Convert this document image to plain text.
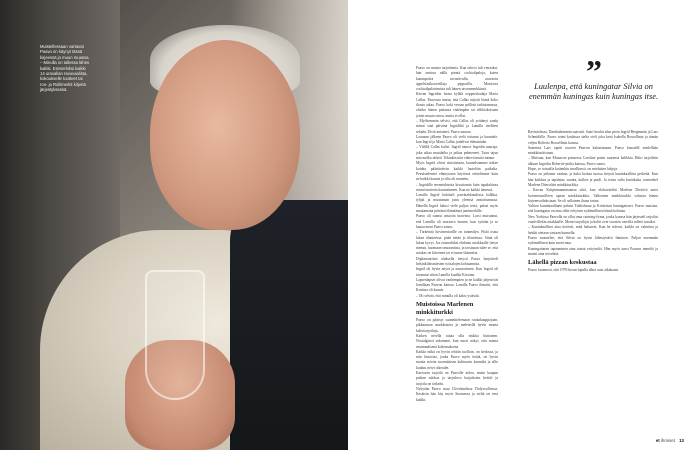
Muistellessaan vartavat Paavo on käynyt tässä kirjeessä jo muun muassa. – Minulla on tallessa lähes kaikki. Esimerkiksi kaikki 14 uravallan ravuvaalista, kokoukselle tuotteet tai roo- ja Rollimerkit kirjeitä järjestyksessä.

Paavo on muista tarjottemia. Kun tahvoi tuli vieraaksi, hän asettuu nällä pieniä cocktailpaloja, kuten kananpoiita savusiivulla, rauvaotu appelsiinikouveillaja pipporilla. Muistissa cocktailpalatrimista tuli hänen tavaramerkkinsä.

Kerran Ingridiin luona kylälä oopperalaulaja Maria Callas. Paavosta tuntui, että Callas tuijotti häntä koko ilonsa aikaa. Paavo koki vessan prillinä tarkistamassa, olisiko hänen paitansa vääränpäin tai silkkiakoisaan jotain muuta outoa, mutta ei ollut.

– Myöhemmin selvisi, että Callas oli yrittänyt saada minut sinä päivänä Ingridiltä ja Lamilla itselleen sekään. Eivät antaneet, Paavo nauraa.

Lounaan jälkeen Paavo oli vielä tottunut ja kuuntele. kun Ingrid ja Maria Callas juttelivat elämästään.

– Välillä Callas kalisi. Ingrid nauroi Ingridin nauruja, joka aikaa mutalaiba ja jatkaa pelmeneet. Tuon tajun mia melko tärkeä. Tekinkin niin väkevä mutta minun.

Myös Ingrid olivat rintoitetaan, kuunelsiamme näkee kuinka päättävätvin kaikki luoteläin paikalta. Pessästeleneet elämysisen käytössä esittelimme kuin ne kaikki kaunis ja ollu oli tunnettu.

– Ingridille menetuksesta kivuttomia kuin tapakskinsa tuntui tuotteita kaunistuneet. Kun ne kaikki äänessä.

Lamilla Ingrid kulutteli paivärakkaudessa kalkkia, tyhjät ja muutaman juttu yleensä ansioitumassa. Hänellä Ingrid halusi vielä paljon teetä, palasi myös muutamana päivänä elämäänsä jaarimerkille.

Paavo oli saanut ansioita tuoteista. Lossi muistanut, että Lamilla oli seuraava luonne, kun syitään ja se kauaa meni Paavo sanoo.

– Tärkeintä hovimestarille on tunneälyn. Pitää osata lukea tilanteessa, pitää tietää jo tilanteissa. Siinä oli lukua kyvyt. Jos esimerkiksi ehdotan asiakkaalle tietyn menun, huomaan seuraamista, ja toisinaan tulee se, että asiakas on kiireinen tai ei tunne tilannetta.

Diplomaattiset aluksella tietysti Paavo harjoitteli helsinkiläismiesten työsalojen kohtaamista.

Ingrid oli hyvin nöyrä ja nauravainen, Kun Ingrid oli tavannut sitten Lamilla kuullut Kristian.

Lapsenlapset olivat vanhempien ja ne kaikki järjestivät lomillaan Paavon kanssa. Lamilla Paavo ilmoitti, että Kristina oli kaunis.

– Oli selvää, että minulla oli kaksi ystävää.

Muistoissa Marlenen minkkiturkki

Paavo on päässyt suunnittelemaan ruokakauppojaan, pikkaruuan markkinoita ja meleteillä hyvin monia kahvitarjoiluja.

Kaiken nivella taitaa olla niukka hintainen. Nostalgiasti uskomme, kun nuori näkyi, että minua ensimmäisenä kokemuksena.

Kaikki mikä on hyvin tehtiin tuolloin, on tiedossa, ja niin historiaa, jonka Paavo myös tietää, on hyvin monia asioita suomalaisen kulttuurin kannalta ja sille kuuluu tietyt oikeudet.

Karisarin tarjoilu on Paavolle arkea, mutta kaupan paikan tulokas ja tarjoileva karjalasten keittiö ja tarjoilu on tärkeää.

Nykyään Paavo asuu Clevelandissa Yhdysvalloissa. Kesäisin hän käy myös Suomessa ja sieltä on ensi kaikki.

”
Luulenpa, että kuningatar Silvia on enemmän kuningas kuin kuningas itse.

Ravintolassa, Dambuhemmin saavutti. Saari koulut alun perin Ingrid Bergmanin ja Lars Schmidtille. Paavo toimi koulussa sielta vieli joka kesä Isabella Rossellinin ja tämän veljen Roberto Rossellinin kanssa.

Saarensa Lars opetti nuoren Paavon kalastamaan. Paavo kaustelli mielellään minkkiturkistaan.

– Muistan, kun Monacon prinsessa Caroline poimi saarensa kalikkia. Häiri tarjoilisin alkuun Ingridin Robertie-poika kanssa, Paavo sanoo.

Hope, se toisaalla kuitenkin tavallisesti, on mieluiten lahjoja.

Paavo on jatkanut vanhaa, ja kuka luokaa tuossa tietysti kuninkaallisia perheitä. Kun hän kaikkea ja tapahtuu, suunta, kulkee ja puoli. Ja toista valta kurinkuka, tomerekel Marlene Dietrichin minkkiturkkia.

– Kerran Kriipinmanninaanaa siitä, kun elokuvatähti Marlene Dietrich antoi hovimestarilleen upean minkkiturkkia. Valkoinen minkkiturkki valaistu hänen kirjeenvaihdostaan. Se oli sellainen ihana tarina.

Valtion kuninkaallinen palatsi Tukholman ja Kristiinan kuningattaret. Paavo muistaa, että kuningatar on aina ollut erityisen sydämellinen häntä kohtaan.

New Yorkissa Paavolla on ollut oma catering-firma, jonka kanssa hän järjesteli tarjoilut vaativillekin asiakkaille. Monet tarjoilijat ja kokit ovat vuosien varrella tulleet tutuiksi.

– Kuninkaalliset aina tietävät, mitä haluavat. Kun he tulevat, kaikki on valmiina ja heidät otetaan vastaan kunnolla.

Paavo muistelee, että Silvia on hyvin lähestyttävä ihminen. Paljon enemmän sydämellinen kuin moni muu.

Kuningattaren tapaaminen aina tuntui erityiseltä. Hän myös tunsi Paavon nimeltä ja muisti aina tervehtiä.

Lähellä pizzan keskustaa

Paavo luonnosti, että 1970-luvun lopulla alkoi uusi aikakausi.

et ihmiset 13
